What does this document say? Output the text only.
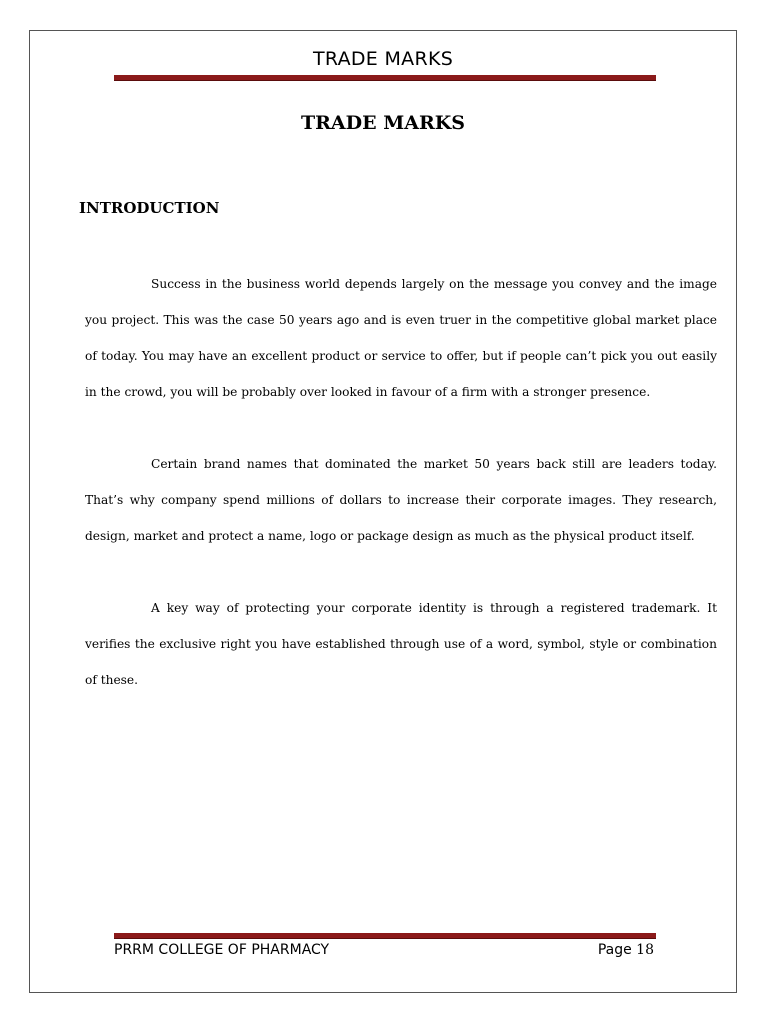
TRADE MARKS
TRADE MARKS
INTRODUCTION

Success in the business world depends largely on the message you convey and the image you project. This was the case 50 years ago and is even truer in the competitive global market place of today. You may have an excellent product or service to offer, but if people can’t pick you out easily in the crowd, you will be probably over looked in favour of a firm with a stronger presence.

Certain brand names that dominated the market 50 years back still are leaders today. That’s why company spend millions of dollars to increase their corporate images. They research, design, market and protect a name, logo or package design as much as the physical product itself.

A key way of protecting your corporate identity is through a registered trademark. It verifies the exclusive right you have established through use of a word, symbol, style or combination of these.

PRRM COLLEGE OF PHARMACY	Page 18
